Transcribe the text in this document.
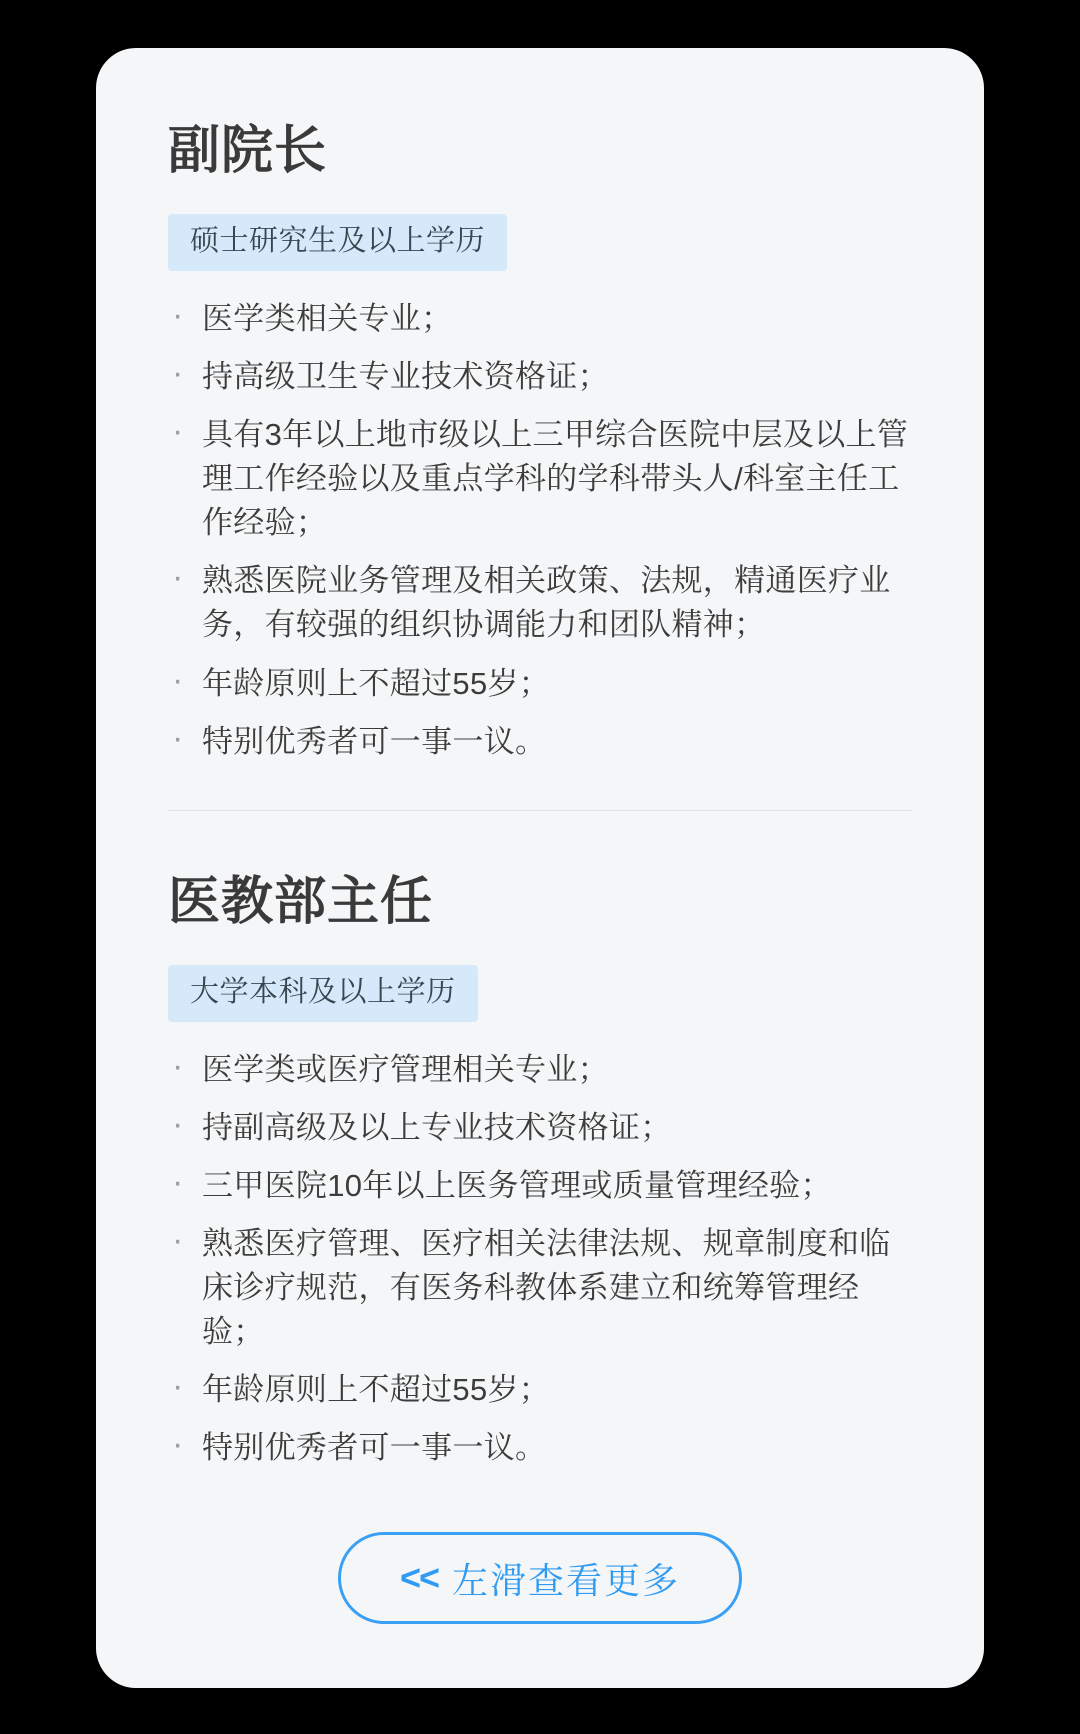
副院长
硕士研究生及以上学历
· 医学类相关专业；
· 持高级卫生专业技术资格证；
· 具有3年以上地市级以上三甲综合医院中层及以上管理工作经验以及重点学科的学科带头人/科室主任工作经验；
· 熟悉医院业务管理及相关政策、法规，精通医疗业务，有较强的组织协调能力和团队精神；
· 年龄原则上不超过55岁；
· 特别优秀者可一事一议。
医教部主任
大学本科及以上学历
· 医学类或医疗管理相关专业；
· 持副高级及以上专业技术资格证；
· 三甲医院10年以上医务管理或质量管理经验；
· 熟悉医疗管理、医疗相关法律法规、规章制度和临床诊疗规范，有医务科教体系建立和统筹管理经验；
· 年龄原则上不超过55岁；
· 特别优秀者可一事一议。
<< 左滑查看更多
